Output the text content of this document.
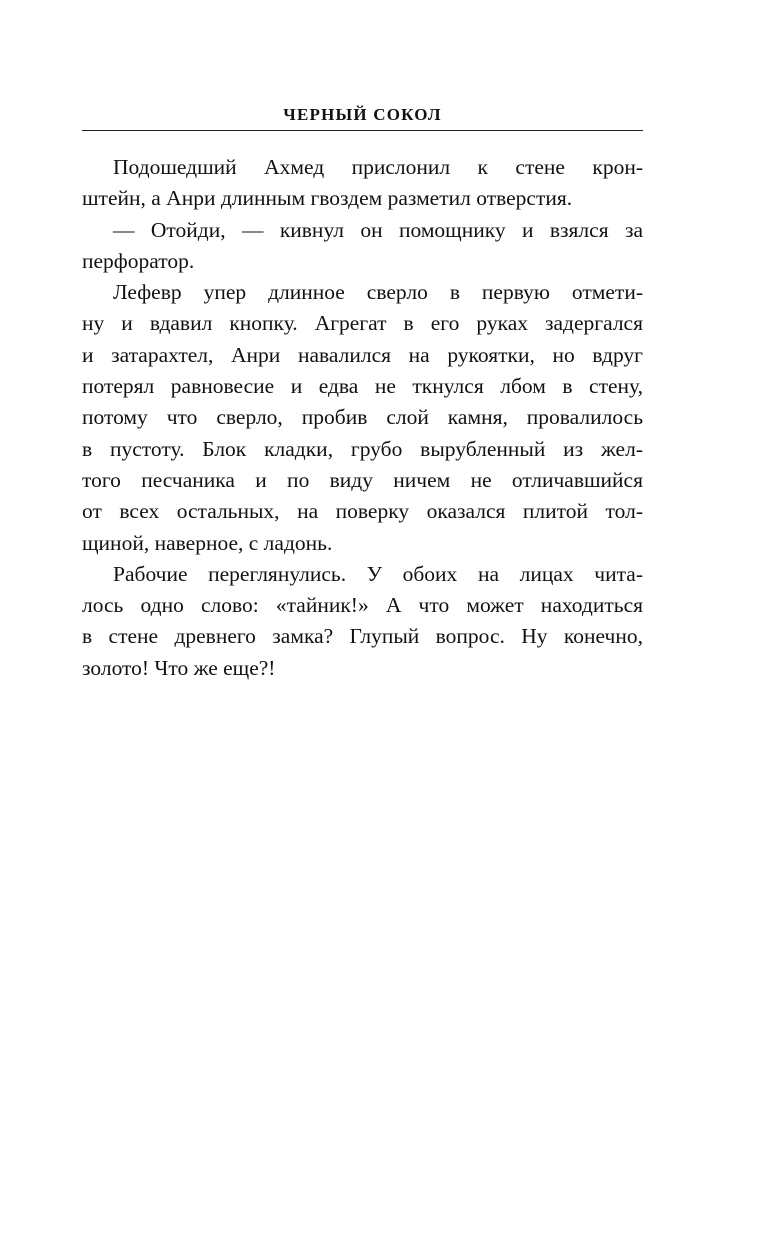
ЧЕРНЫЙ СОКОЛ
Подошедший Ахмед прислонил к стене крон-
штейн, а Анри длинным гвоздем разметил отверстия.
— Отойди, — кивнул он помощнику и взялся за
перфоратор.
Лефевр упер длинное сверло в первую отмети-
ну и вдавил кнопку. Агрегат в его руках задергался
и затарахтел, Анри навалился на рукоятки, но вдруг
потерял равновесие и едва не ткнулся лбом в стену,
потому что сверло, пробив слой камня, провалилось
в пустоту. Блок кладки, грубо вырубленный из жел-
того песчаника и по виду ничем не отличавшийся
от всех остальных, на поверку оказался плитой тол-
щиной, наверное, с ладонь.
Рабочие переглянулись. У обоих на лицах чита-
лось одно слово: «тайник!» А что может находиться
в стене древнего замка? Глупый вопрос. Ну конечно,
золото! Что же еще?!
